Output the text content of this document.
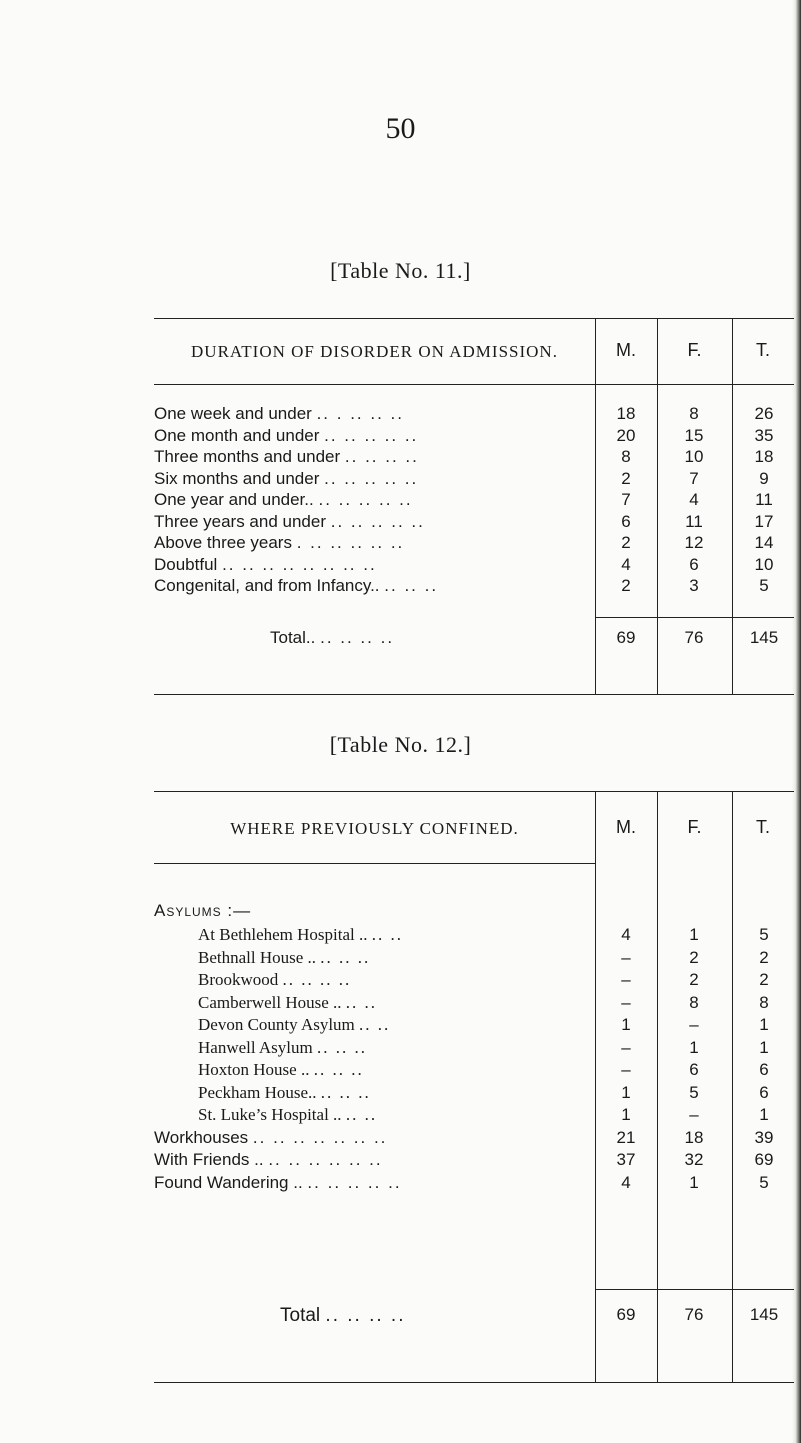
50
[Table No. 11.]
DURATION OF DISORDER ON ADMISSION.	M.	F.	T.
One week and under .. . .. .. ..	18	8	26
One month and under .. .. .. .. ..	20	15	35
Three months and under .. .. .. ..	8	10	18
Six months and under .. .. .. .. ..	2	7	9
One year and under.. .. .. .. .. ..	7	4	11
Three years and under .. .. .. .. ..	6	11	17
Above three years . .. .. .. .. ..	2	12	14
Doubtful .. .. .. .. .. .. .. ..	4	6	10
Congenital, and from Infancy.. .. .. ..	2	3	5
Total.. .. .. .. ..	69	76	145
[Table No. 12.]
WHERE PREVIOUSLY CONFINED.	M.	F.	T.
Asylums :—
At Bethlehem Hospital .. .. ..	4	1	5
Bethnall House .. .. .. ..	–	2	2
Brookwood .. .. .. ..	–	2	2
Camberwell House .. .. ..	–	8	8
Devon County Asylum .. ..	1	–	1
Hanwell Asylum .. .. ..	–	1	1
Hoxton House .. .. .. ..	–	6	6
Peckham House.. .. .. ..	1	5	6
St. Luke’s Hospital .. .. ..	1	–	1
Workhouses .. .. .. .. .. .. ..	21	18	39
With Friends .. .. .. .. .. .. ..	37	32	69
Found Wandering .. .. .. .. .. ..	4	1	5
Total .. .. .. ..	69	76	145
